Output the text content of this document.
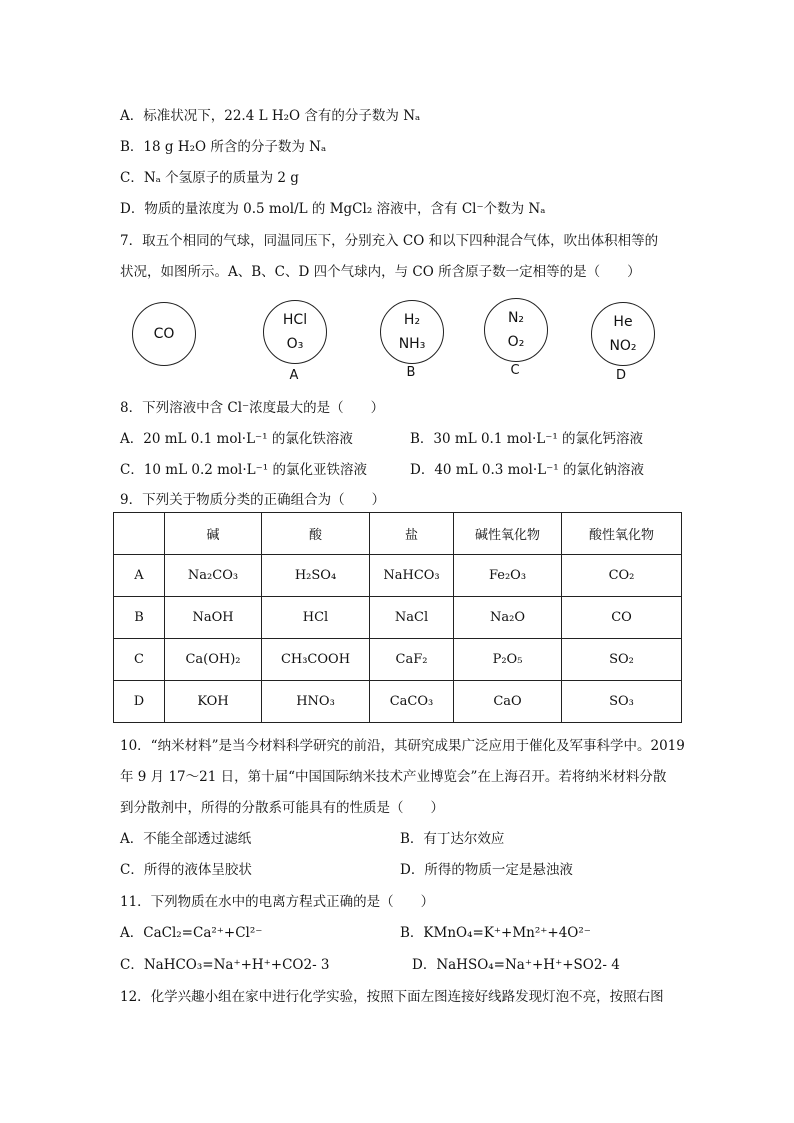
A．标准状况下，22.4 L H₂O 含有的分子数为 Nₐ
B．18 g H₂O 所含的分子数为 Nₐ
C．Nₐ 个氢原子的质量为 2 g
D．物质的量浓度为 0.5 mol/L 的 MgCl₂ 溶液中，含有 Cl⁻个数为 Nₐ
7．取五个相同的气球，同温同压下，分别充入 CO 和以下四种混合气体，吹出体积相等的
状况，如图所示。A、B、C、D 四个气球内，与 CO 所含原子数一定相等的是（　　）
CO
HCl
O₃
A
H₂
NH₃
B
N₂
O₂
C
He
NO₂
D
8．下列溶液中含 Cl⁻浓度最大的是（　　）
A．20 mL 0.1 mol·L⁻¹ 的氯化铁溶液	B．30 mL 0.1 mol·L⁻¹ 的氯化钙溶液
C．10 mL 0.2 mol·L⁻¹ 的氯化亚铁溶液	D．40 mL 0.3 mol·L⁻¹ 的氯化钠溶液
9．下列关于物质分类的正确组合为（　　）
	碱	酸	盐	碱性氧化物	酸性氧化物
A	Na₂CO₃	H₂SO₄	NaHCO₃	Fe₂O₃	CO₂
B	NaOH	HCl	NaCl	Na₂O	CO
C	Ca(OH)₂	CH₃COOH	CaF₂	P₂O₅	SO₂
D	KOH	HNO₃	CaCO₃	CaO	SO₃
10．“纳米材料”是当今材料科学研究的前沿，其研究成果广泛应用于催化及军事科学中。2019
年 9 月 17～21 日，第十届“中国国际纳米技术产业博览会”在上海召开。若将纳米材料分散
到分散剂中，所得的分散系可能具有的性质是（　　）
A．不能全部透过滤纸	B．有丁达尔效应
C．所得的液体呈胶状	D．所得的物质一定是悬浊液
11．下列物质在水中的电离方程式正确的是（　　）
A．CaCl₂=Ca²⁺+Cl²⁻	B．KMnO₄=K⁺+Mn²⁺+4O²⁻
C．NaHCO₃=Na⁺+H⁺+CO2- 3	D．NaHSO₄=Na⁺+H⁺+SO2- 4
12．化学兴趣小组在家中进行化学实验，按照下面左图连接好线路发现灯泡不亮，按照右图
